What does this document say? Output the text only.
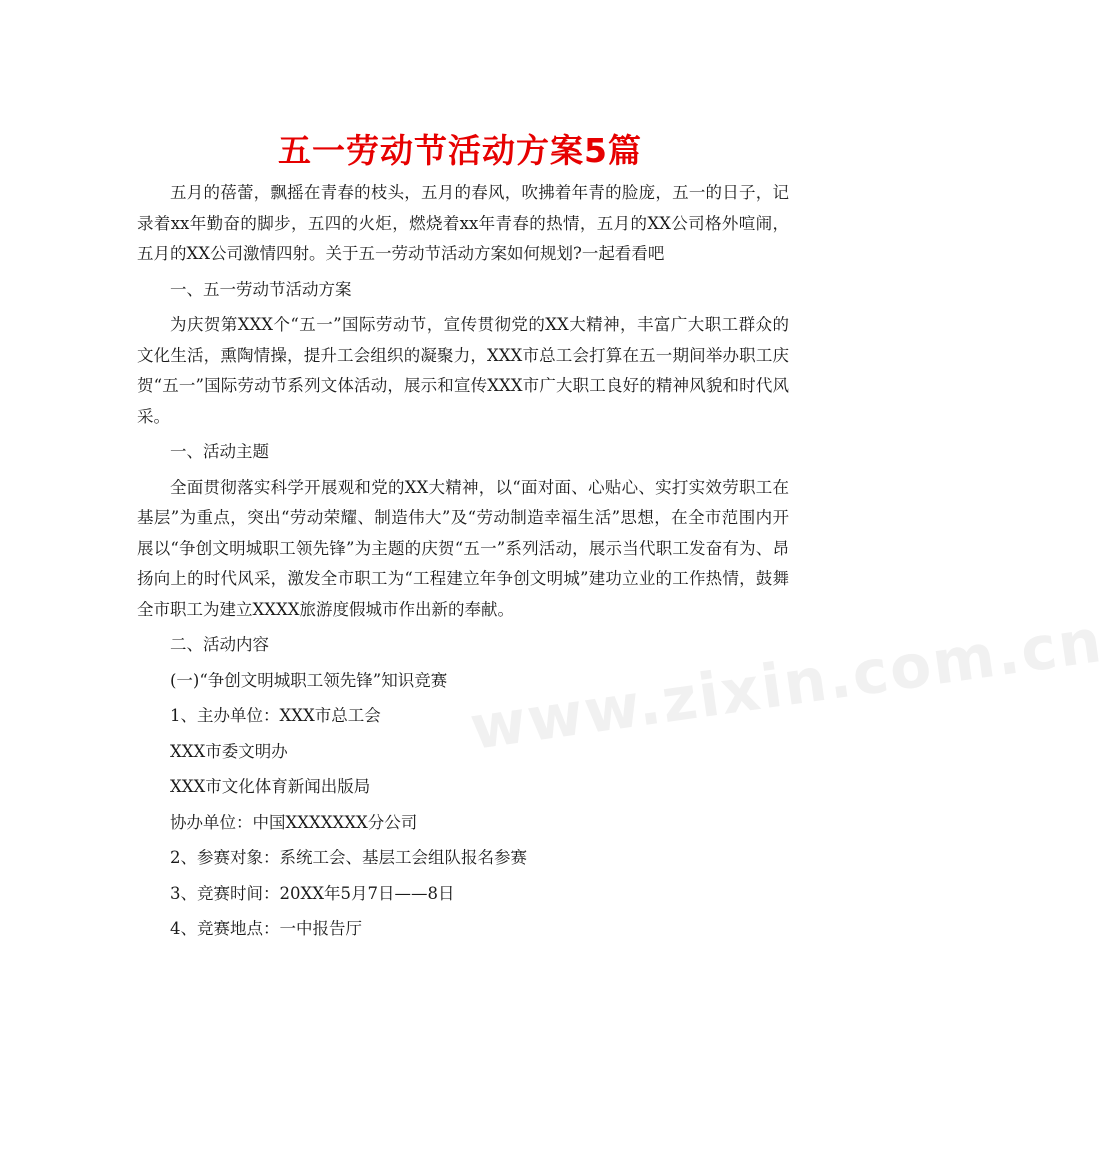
五一劳动节活动方案5篇

五月的蓓蕾，飘摇在青春的枝头，五月的春风，吹拂着年青的脸庞，五一的日子，记录着xx年勤奋的脚步，五四的火炬，燃烧着xx年青春的热情，五月的XX公司格外喧闹，五月的XX公司激情四射。关于五一劳动节活动方案如何规划?一起看看吧

一、五一劳动节活动方案

为庆贺第XXX个“五一”国际劳动节，宣传贯彻党的XX大精神，丰富广大职工群众的文化生活，熏陶情操，提升工会组织的凝聚力，XXX市总工会打算在五一期间举办职工庆贺“五一”国际劳动节系列文体活动，展示和宣传XXX市广大职工良好的精神风貌和时代风采。

一、活动主题

全面贯彻落实科学开展观和党的XX大精神，以“面对面、心贴心、实打实效劳职工在基层”为重点，突出“劳动荣耀、制造伟大”及“劳动制造幸福生活”思想，在全市范围内开展以“争创文明城职工领先锋”为主题的庆贺“五一”系列活动，展示当代职工发奋有为、昂扬向上的时代风采，激发全市职工为“工程建立年争创文明城”建功立业的工作热情，鼓舞全市职工为建立XXXX旅游度假城市作出新的奉献。

二、活动内容

(一)“争创文明城职工领先锋”知识竞赛

1、主办单位：XXX市总工会

XXX市委文明办

XXX市文化体育新闻出版局

协办单位：中国XXXXXXX分公司

2、参赛对象：系统工会、基层工会组队报名参赛

3、竞赛时间：20XX年5月7日——8日

4、竞赛地点：一中报告厅

www.zixin.com.cn
